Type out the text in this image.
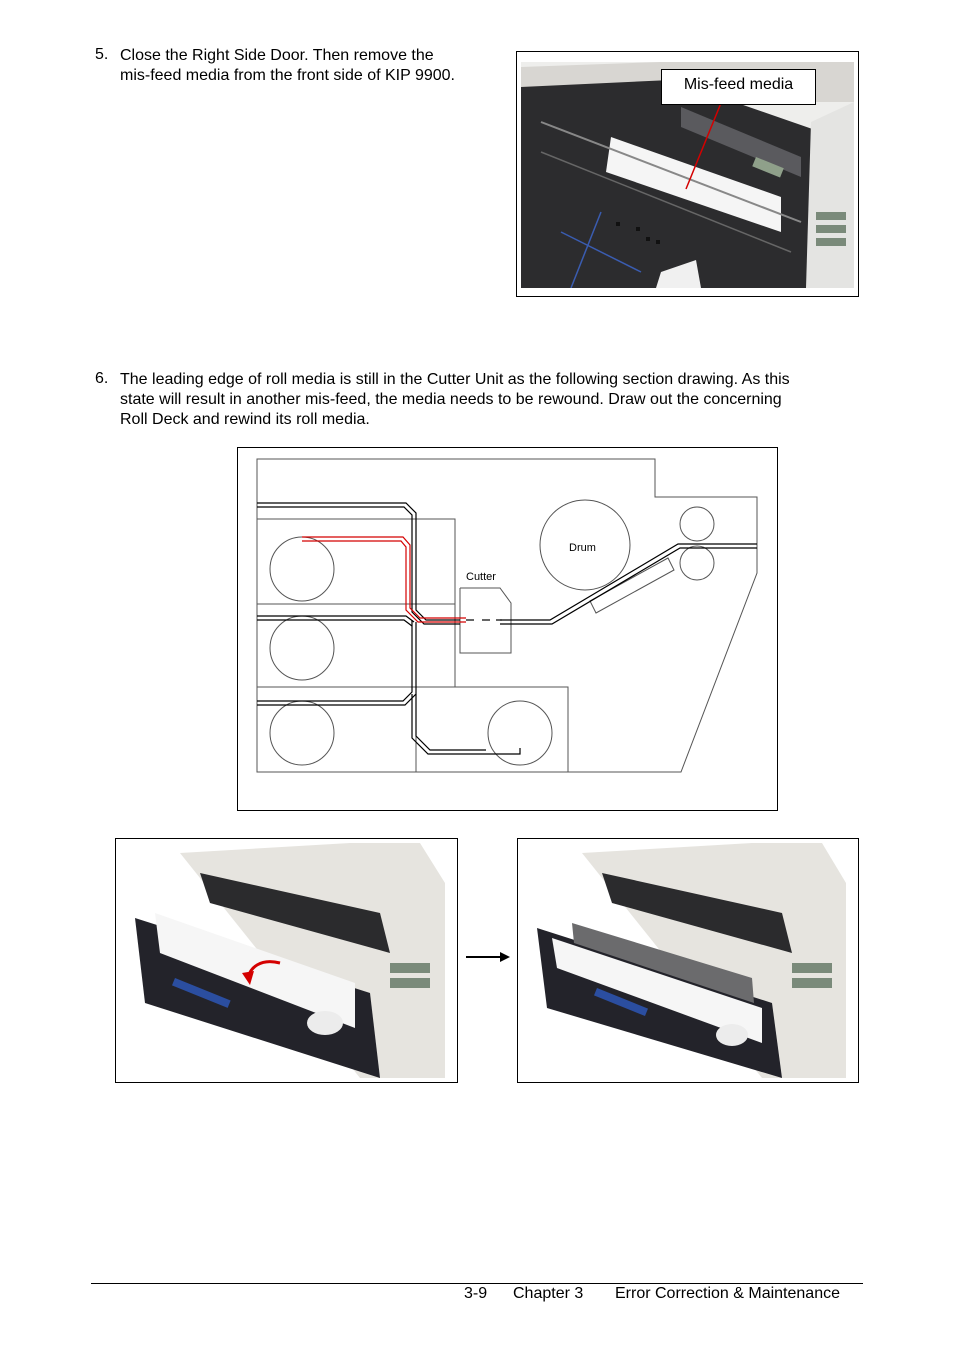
5. Close the Right Side Door. Then remove the
mis-feed media from the front side of KIP 9900.
Mis-feed media
6. The leading edge of roll media is still in the Cutter Unit as the following section drawing. As this
state will result in another mis-feed, the media needs to be rewound. Draw out the concerning
Roll Deck and rewind its roll media.
Drum
Cutter
3-9 Chapter 3 Error Correction & Maintenance
